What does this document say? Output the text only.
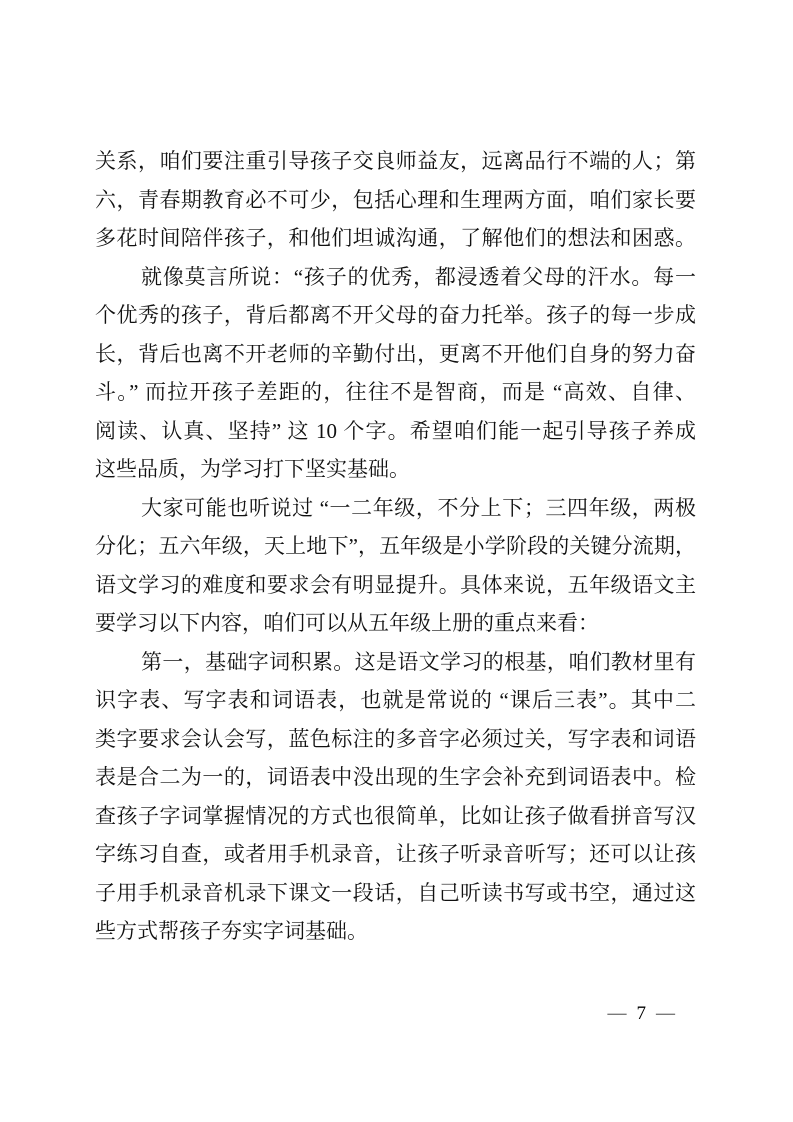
关系，咱们要注重引导孩子交良师益友，远离品行不端的人；第
六，青春期教育必不可少，包括心理和生理两方面，咱们家长要
多花时间陪伴孩子，和他们坦诚沟通，了解他们的想法和困惑。
就像莫言所说：“孩子的优秀，都浸透着父母的汗水。每一
个优秀的孩子，背后都离不开父母的奋力托举。孩子的每一步成
长，背后也离不开老师的辛勤付出，更离不开他们自身的努力奋
斗。” 而拉开孩子差距的，往往不是智商，而是 “高效、自律、
阅读、认真、坚持” 这 10 个字。希望咱们能一起引导孩子养成
这些品质，为学习打下坚实基础。
大家可能也听说过 “一二年级，不分上下；三四年级，两极
分化；五六年级，天上地下”，五年级是小学阶段的关键分流期，
语文学习的难度和要求会有明显提升。具体来说，五年级语文主
要学习以下内容，咱们可以从五年级上册的重点来看：
第一，基础字词积累。这是语文学习的根基，咱们教材里有
识字表、写字表和词语表，也就是常说的 “课后三表”。其中二
类字要求会认会写，蓝色标注的多音字必须过关，写字表和词语
表是合二为一的，词语表中没出现的生字会补充到词语表中。检
查孩子字词掌握情况的方式也很简单，比如让孩子做看拼音写汉
字练习自查，或者用手机录音，让孩子听录音听写；还可以让孩
子用手机录音机录下课文一段话，自己听读书写或书空，通过这
些方式帮孩子夯实字词基础。
— 7 —
